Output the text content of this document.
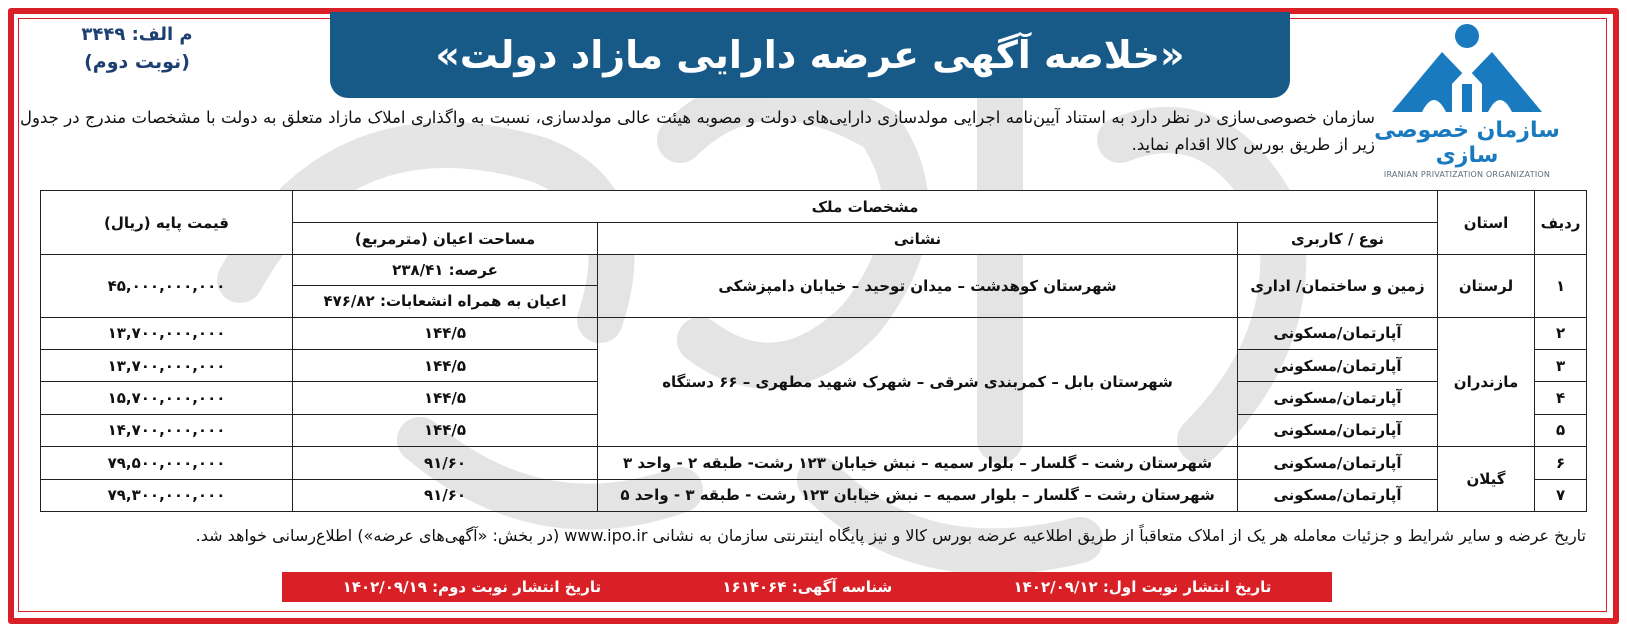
«خلاصه آگهی عرضه دارایی مازاد دولت»
م الف: ۳۴۴۹
(نوبت دوم)
سازمان خصوصی سازی
IRANIAN PRIVATIZATION ORGANIZATION
سازمان خصوصی‌سازی در نظر دارد به استناد آیین‌نامه اجرایی مولدسازی دارایی‌های دولت و مصوبه هیئت عالی مولدسازی، نسبت به واگذاری املاک مازاد متعلق به دولت با مشخصات مندرج در جدول زیر از طریق بورس کالا اقدام نماید.
ردیف	استان	مشخصات ملک			قیمت پایه (ریال)
		نوع / کاربری	نشانی	مساحت اعیان (مترمربع)	
۱	لرستان	زمین و ساختمان/ اداری	شهرستان کوهدشت – میدان توحید – خیابان دامپزشکی	عرصه: ۲۳۸/۴۱	۴۵,۰۰۰,۰۰۰,۰۰۰
				اعیان به همراه انشعابات: ۴۷۶/۸۲	
۲	مازندران	آپارتمان/مسکونی	شهرستان بابل – کمربندی شرقی – شهرک شهید مطهری – ۶۶ دستگاه	۱۴۴/۵	۱۳,۷۰۰,۰۰۰,۰۰۰
۳		آپارتمان/مسکونی		۱۴۴/۵	۱۳,۷۰۰,۰۰۰,۰۰۰
۴		آپارتمان/مسکونی		۱۴۴/۵	۱۵,۷۰۰,۰۰۰,۰۰۰
۵		آپارتمان/مسکونی		۱۴۴/۵	۱۴,۷۰۰,۰۰۰,۰۰۰
۶	گیلان	آپارتمان/مسکونی	شهرستان رشت – گلسار – بلوار سمیه – نبش خیابان ۱۲۳ رشت- طبقه ۲ - واحد ۳	۹۱/۶۰	۷۹,۵۰۰,۰۰۰,۰۰۰
۷		آپارتمان/مسکونی	شهرستان رشت – گلسار – بلوار سمیه – نبش خیابان ۱۲۳ رشت - طبقه ۳ - واحد ۵	۹۱/۶۰	۷۹,۳۰۰,۰۰۰,۰۰۰
تاریخ عرضه و سایر شرایط و جزئیات معامله هر یک از املاک متعاقباً از طریق اطلاعیه عرضه بورس کالا و نیز پایگاه اینترنتی سازمان به نشانی www.ipo.ir (در بخش: «آگهی‌های عرضه») اطلاع‌رسانی خواهد شد.
تاریخ انتشار نوبت اول: ۱۴۰۲/۰۹/۱۲
شناسه آگهی: ۱۶۱۴۰۶۴
تاریخ انتشار نوبت دوم: ۱۴۰۲/۰۹/۱۹
